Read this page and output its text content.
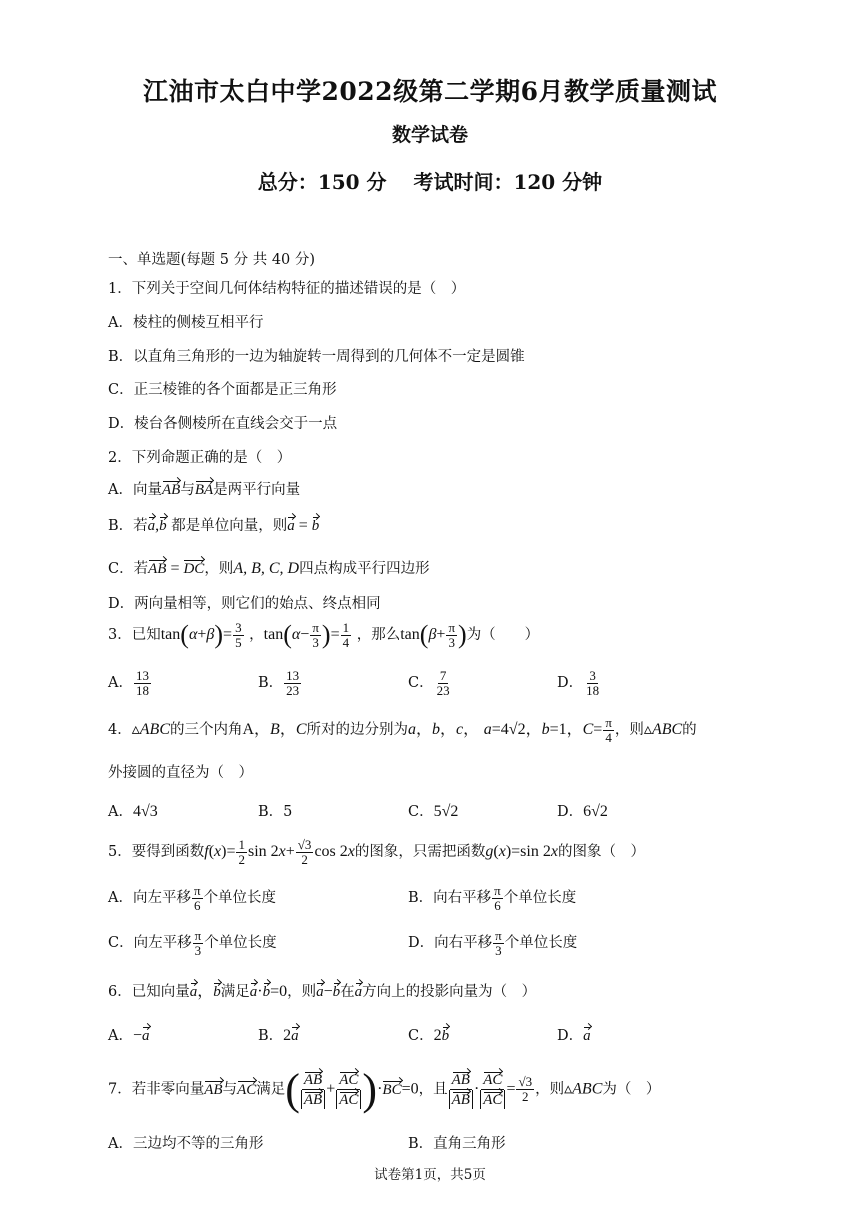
江油市太白中学2022级第二学期6月教学质量测试
数学试卷
总分：150 分　 考试时间：120 分钟
一、单选题(每题 5 分 共 40 分)
1．下列关于空间几何体结构特征的描述错误的是（　）
A．棱柱的侧棱互相平行
B．以直角三角形的一边为轴旋转一周得到的几何体不一定是圆锥
C．正三棱锥的各个面都是正三角形
D．棱台各侧棱所在直线会交于一点
2．下列命题正确的是（　）
A．向量AB与BA是两平行向量
B．若a,b 都是单位向量，则a = b
C．若AB = DC，则A, B, C, D四点构成平行四边形
D．两向量相等，则它们的始点、终点相同
3．已知$\tan(\alpha+\beta)= \frac{3}{5}$ ，$\tan(\alpha- \frac{\pi}{3}$ )= $\frac{1}{4}$ ，那么$\tan(\beta+ \frac{\pi}{3}$ )为（　　）
A． $\frac{13}{18}$	B． $\frac{13}{23}$	C． $\frac{7}{23}$	D． $\frac{3}{18}$
4．▵ABC的三个内角A，B，C所对的边分别为a，b，c， a=4√2，b=1，$C= \frac{\pi}{4}$ ，则▵ABC的
外接圆的直径为（　）
A．4√3	B．5	C．5√2	D．6√2
5．要得到函数$f(x)= \frac{1}{2}$ $\sin 2x+ \frac{√3}{2}$ cos 2x的图象，只需把函数g(x)=sin 2x的图象（　）
A．向左平移 $\frac{\pi}{6}$ 个单位长度	B．向右平移 $\frac{\pi}{6}$ 个单位长度
C．向左平移 $\frac{\pi}{3}$ 个单位长度	D．向右平移 $\frac{\pi}{3}$ 个单位长度
6．已知向量a，b满足a·b=0，则a−b在a方向上的投影向量为（　）
A．−a	B．2a	C．2b	D．a
7．若非零向量AB与AC满足( $\frac{AB}{AB} + \frac{AC}{AC} )\cdot BC=0$，且 $\frac{AB}{AB} \cdot \frac{AC}{AC} = \frac{√3}{2}$ ，则▵ABC为（　）
A．三边均不等的三角形	B．直角三角形
试卷第1页，共5页
